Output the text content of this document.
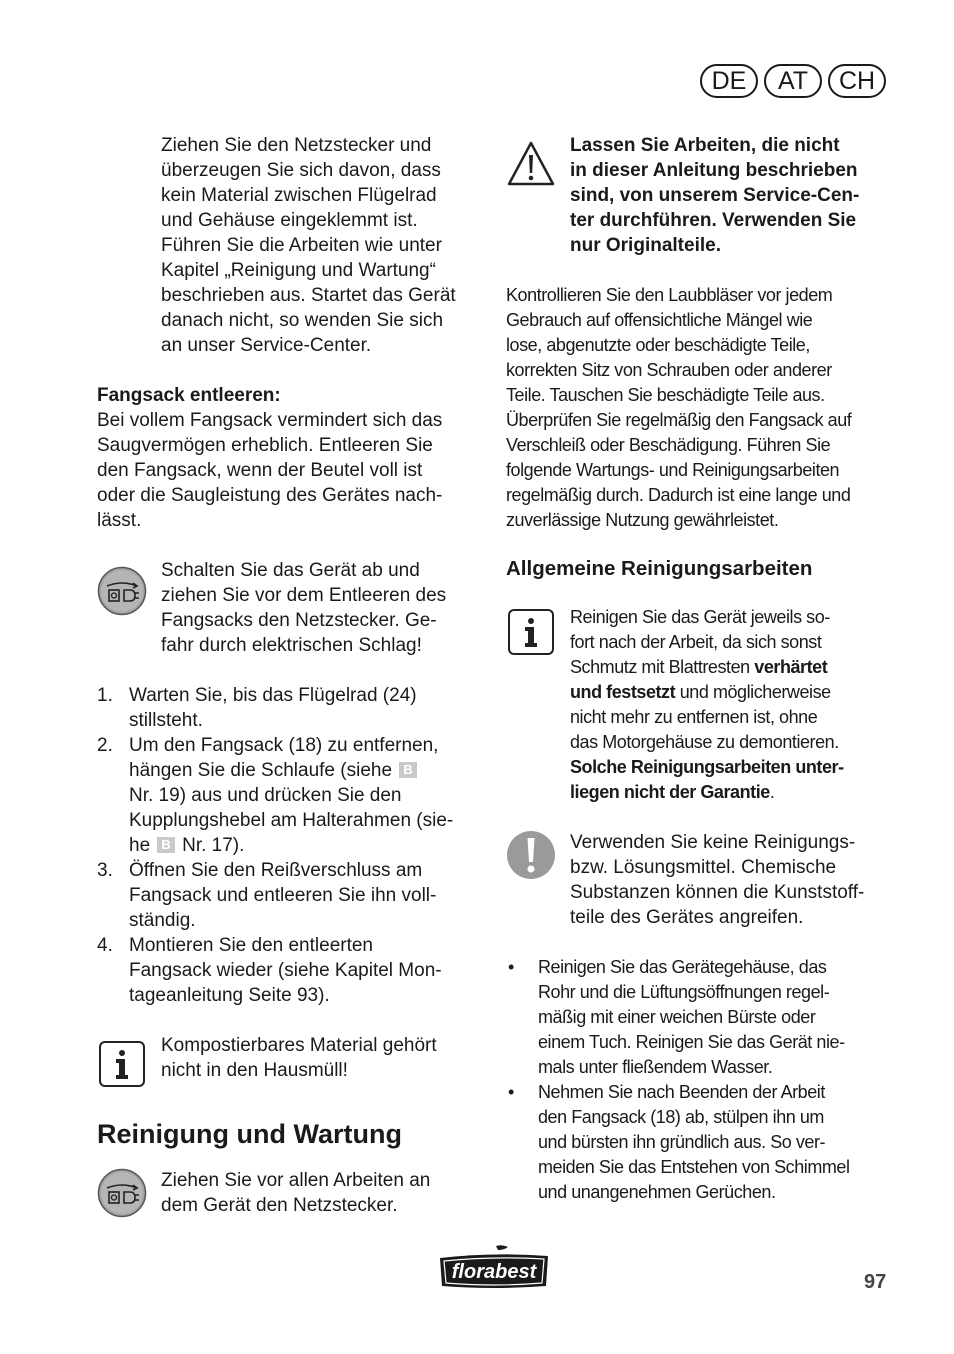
DE	AT	CH

Ziehen Sie den Netzstecker und
überzeugen Sie sich davon, dass
kein Material zwischen Flügelrad
und Gehäuse eingeklemmt ist.
Führen Sie die Arbeiten wie unter
Kapitel „Reinigung und Wartung“
beschrieben aus. Startet das Gerät
danach nicht, so wenden Sie sich
an unser Service-Center.

Fangsack entleeren:

Bei vollem Fangsack vermindert sich das
Saugvermögen erheblich. Entleeren Sie
den Fangsack, wenn der Beutel voll ist
oder die Saugleistung des Gerätes nach-
lässt.

Schalten Sie das Gerät ab und
ziehen Sie vor dem Entleeren des
Fangsacks den Netzstecker. Ge-
fahr durch elektrischen Schlag!

1. Warten Sie, bis das Flügelrad (24)
stillsteht.
2. Um den Fangsack (18) zu entfernen,
hängen Sie die Schlaufe (siehe B
Nr. 19) aus und drücken Sie den
Kupplungshebel am Halterahmen (sie-
he B Nr. 17).
3. Öffnen Sie den Reißverschluss am
Fangsack und entleeren Sie ihn voll-
ständig.
4. Montieren Sie den entleerten
Fangsack wieder (siehe Kapitel Mon-
tageanleitung Seite 93).

Kompostierbares Material gehört
nicht in den Hausmüll!

Reinigung und Wartung

Ziehen Sie vor allen Arbeiten an
dem Gerät den Netzstecker.

Lassen Sie Arbeiten, die nicht
in dieser Anleitung beschrieben
sind, von unserem Service-Cen-
ter durchführen. Verwenden Sie
nur Originalteile.

Kontrollieren Sie den Laubbläser vor jedem
Gebrauch auf offensichtliche Mängel wie
lose, abgenutzte oder beschädigte Teile,
korrekten Sitz von Schrauben oder anderer
Teile. Tauschen Sie beschädigte Teile aus.
Überprüfen Sie regelmäßig den Fangsack auf
Verschleiß oder Beschädigung. Führen Sie
folgende Wartungs- und Reinigungsarbeiten
regelmäßig durch. Dadurch ist eine lange und
zuverlässige Nutzung gewährleistet.

Allgemeine Reinigungsarbeiten

Reinigen Sie das Gerät jeweils so-
fort nach der Arbeit, da sich sonst
Schmutz mit Blattresten verhärtet
und festsetzt und möglicherweise
nicht mehr zu entfernen ist, ohne
das Motorgehäuse zu demontieren.
Solche Reinigungsarbeiten unter-
liegen nicht der Garantie.

Verwenden Sie keine Reinigungs-
bzw. Lösungsmittel. Chemische
Substanzen können die Kunststoff-
teile des Gerätes angreifen.

• Reinigen Sie das Gerätegehäuse, das
Rohr und die Lüftungsöffnungen regel-
mäßig mit einer weichen Bürste oder
einem Tuch. Reinigen Sie das Gerät nie-
mals unter fließendem Wasser.
• Nehmen Sie nach Beenden der Arbeit
den Fangsack (18) ab, stülpen ihn um
und bürsten ihn gründlich aus. So ver-
meiden Sie das Entstehen von Schimmel
und unangenehmen Gerüchen.
florabest	97
